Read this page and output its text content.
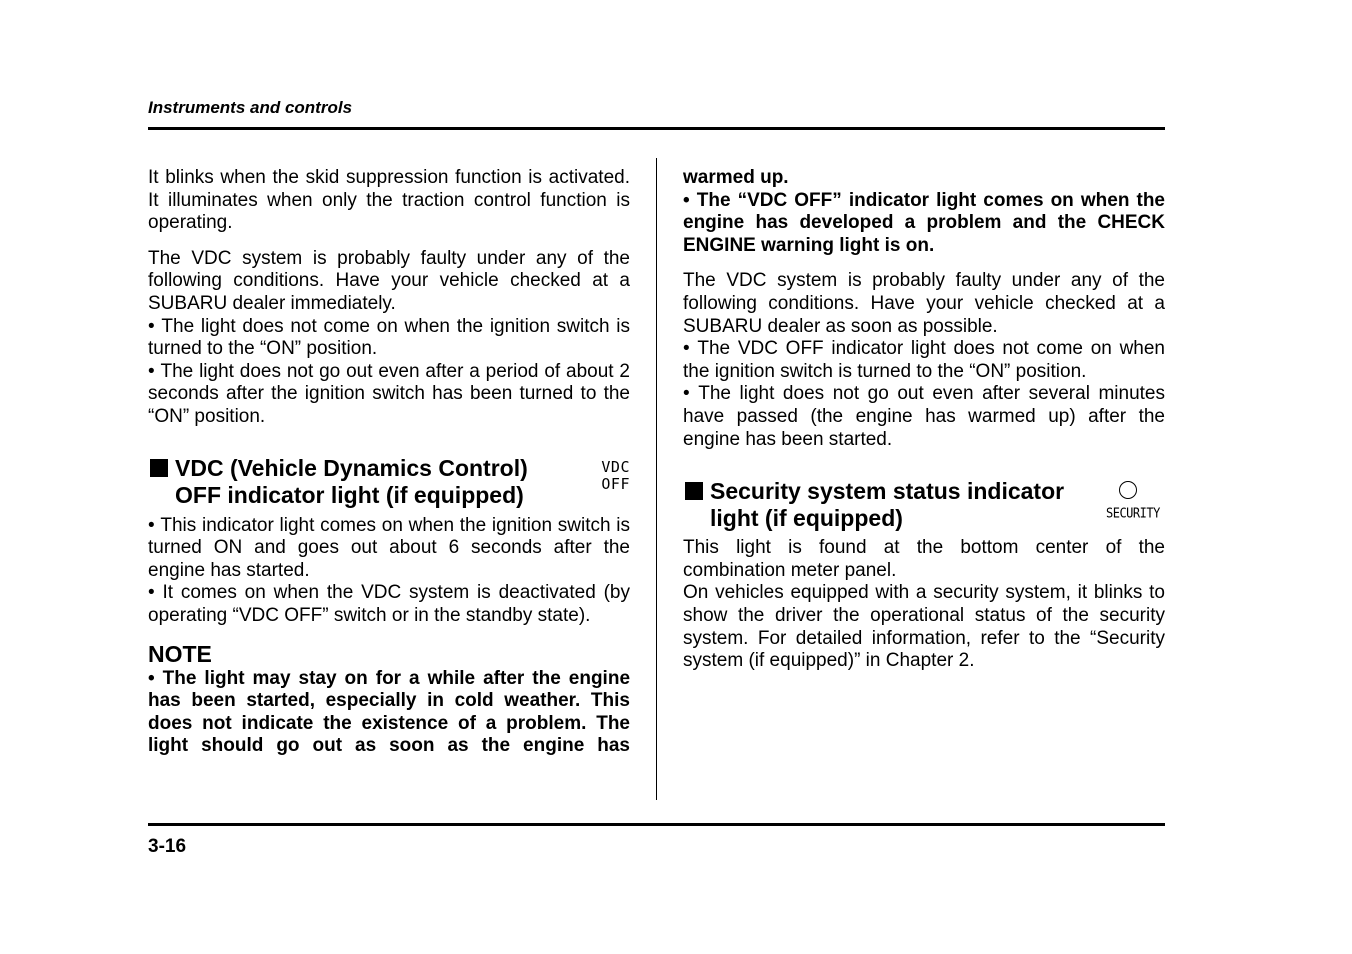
Instruments and controls

It blinks when the skid suppression function is activated. It illuminates when only the traction control function is operating.

The VDC system is probably faulty under any of the following conditions. Have your vehicle checked at a SUBARU dealer immediately.

• The light does not come on when the ignition switch is turned to the “ON” position.

• The light does not go out even after a period of about 2 seconds after the ignition switch has been turned to the “ON” position.

VDC (Vehicle Dynamics Control) OFF indicator light (if equipped)
VDC
OFF

• This indicator light comes on when the ignition switch is turned ON and goes out about 6 seconds after the engine has started.

• It comes on when the VDC system is deactivated (by operating “VDC OFF” switch or in the standby state).

NOTE

• The light may stay on for a while after the engine has been started, especially in cold weather. This does not indicate the existence of a problem. The light should go out as soon as the engine has

warmed up.

• The “VDC OFF” indicator light comes on when the engine has developed a problem and the CHECK ENGINE warning light is on.

The VDC system is probably faulty under any of the following conditions. Have your vehicle checked at a SUBARU dealer as soon as possible.

• The VDC OFF indicator light does not come on when the ignition switch is turned to the “ON” position.

• The light does not go out even after several minutes have passed (the engine has warmed up) after the engine has been started.

Security system status indicator light (if equipped)	SECURITY

This light is found at the bottom center of the combination meter panel.

On vehicles equipped with a security system, it blinks to show the driver the operational status of the security system. For detailed information, refer to the “Security system (if equipped)” in Chapter 2.

3-16
